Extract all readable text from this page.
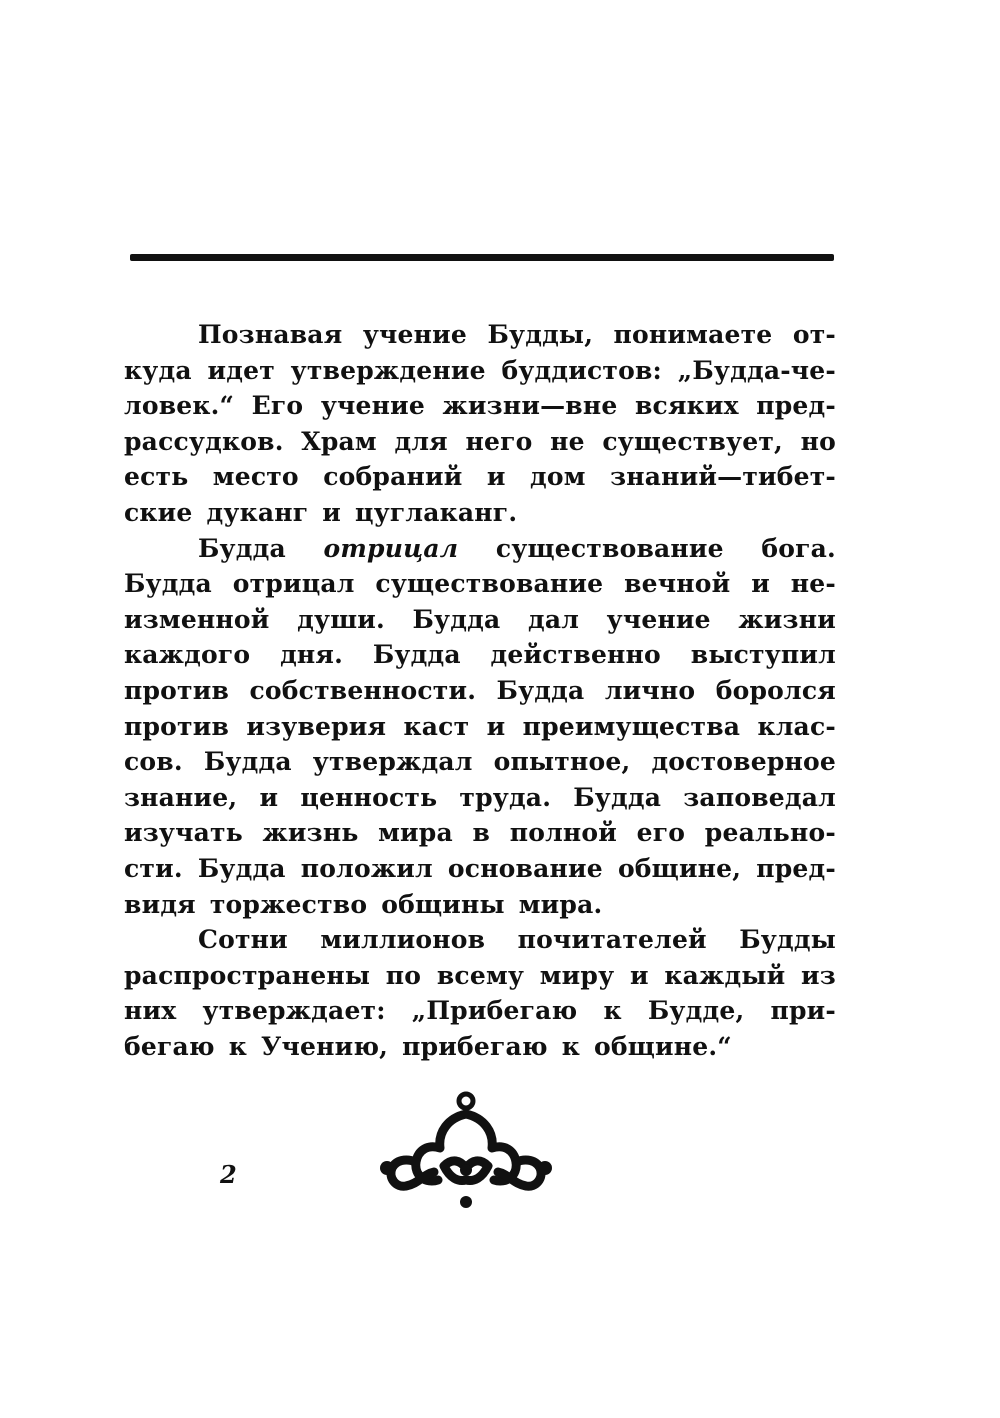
Познавая учение Будды, понимаете от-
куда идет утверждение буддистов: „Будда-че-
ловек.“ Его учение жизни—вне всяких пред-
рассудков. Храм для него не существует, но
есть место собраний и дом знаний—тибет-
ские дуканг и цуглаканг.
Будда отрицал существование бога.
Будда отрицал существование вечной и не-
изменной души. Будда дал учение жизни
каждого дня. Будда действенно выступил
против собственности. Будда лично боролся
против изуверия каст и преимущества клас-
сов. Будда утверждал опытное, достоверное
знание, и ценность труда. Будда заповедал
изучать жизнь мира в полной его реально-
сти. Будда положил основание общине, пред-
видя торжество общины мира.
Сотни миллионов почитателей Будды
распространены по всему миру и каждый из
них утверждает: „Прибегаю к Будде, при-
бегаю к Учению, прибегаю к общине.“
2
